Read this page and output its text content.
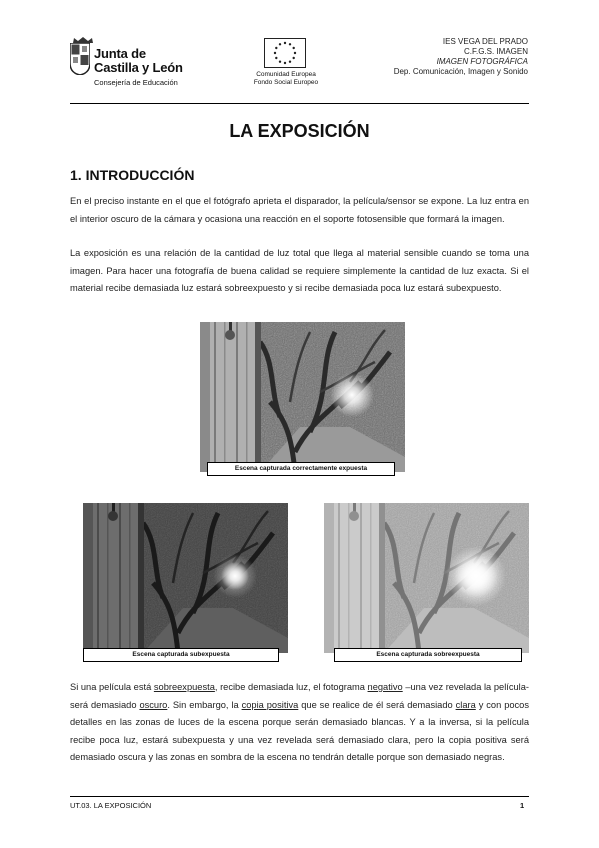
Junta de
Castilla y León
Consejería de Educación
Comunidad Europea
Fondo Social Europeo
IES VEGA DEL PRADO
C.F.G.S. IMAGEN
IMAGEN FOTOGRÁFICA
Dep. Comunicación, Imagen y Sonido
LA EXPOSICIÓN
1. INTRODUCCIÓN
En el preciso instante en el que el fotógrafo aprieta el disparador, la película/sensor se expone. La luz entra en el interior oscuro de la cámara y ocasiona una reacción en el soporte fotosensible que formará la imagen.
La exposición es una relación de la cantidad de luz total que llega al material sensible cuando se toma una imagen. Para hacer una fotografía de buena calidad se requiere simplemente la cantidad de luz exacta. Si el material recibe demasiada luz estará sobreexpuesto y si recibe demasiada poca luz estará subexpuesto.
Escena capturada correctamente expuesta
Escena capturada subexpuesta	Escena capturada sobreexpuesta
Si una película está sobreexpuesta, recibe demasiada luz, el fotograma negativo –una vez revelada la película- será demasiado oscuro. Sin embargo, la copia positiva que se realice de él será demasiado clara y con pocos detalles en las zonas de luces de la escena porque serán demasiado blancas. Y a la inversa, si la película recibe poca luz, estará subexpuesta y una vez revelada será demasiado clara, pero la copia positiva será demasiado oscura y las zonas en sombra de la escena no tendrán detalle porque son demasiado negras.
UT.03. LA EXPOSICIÓN	1
